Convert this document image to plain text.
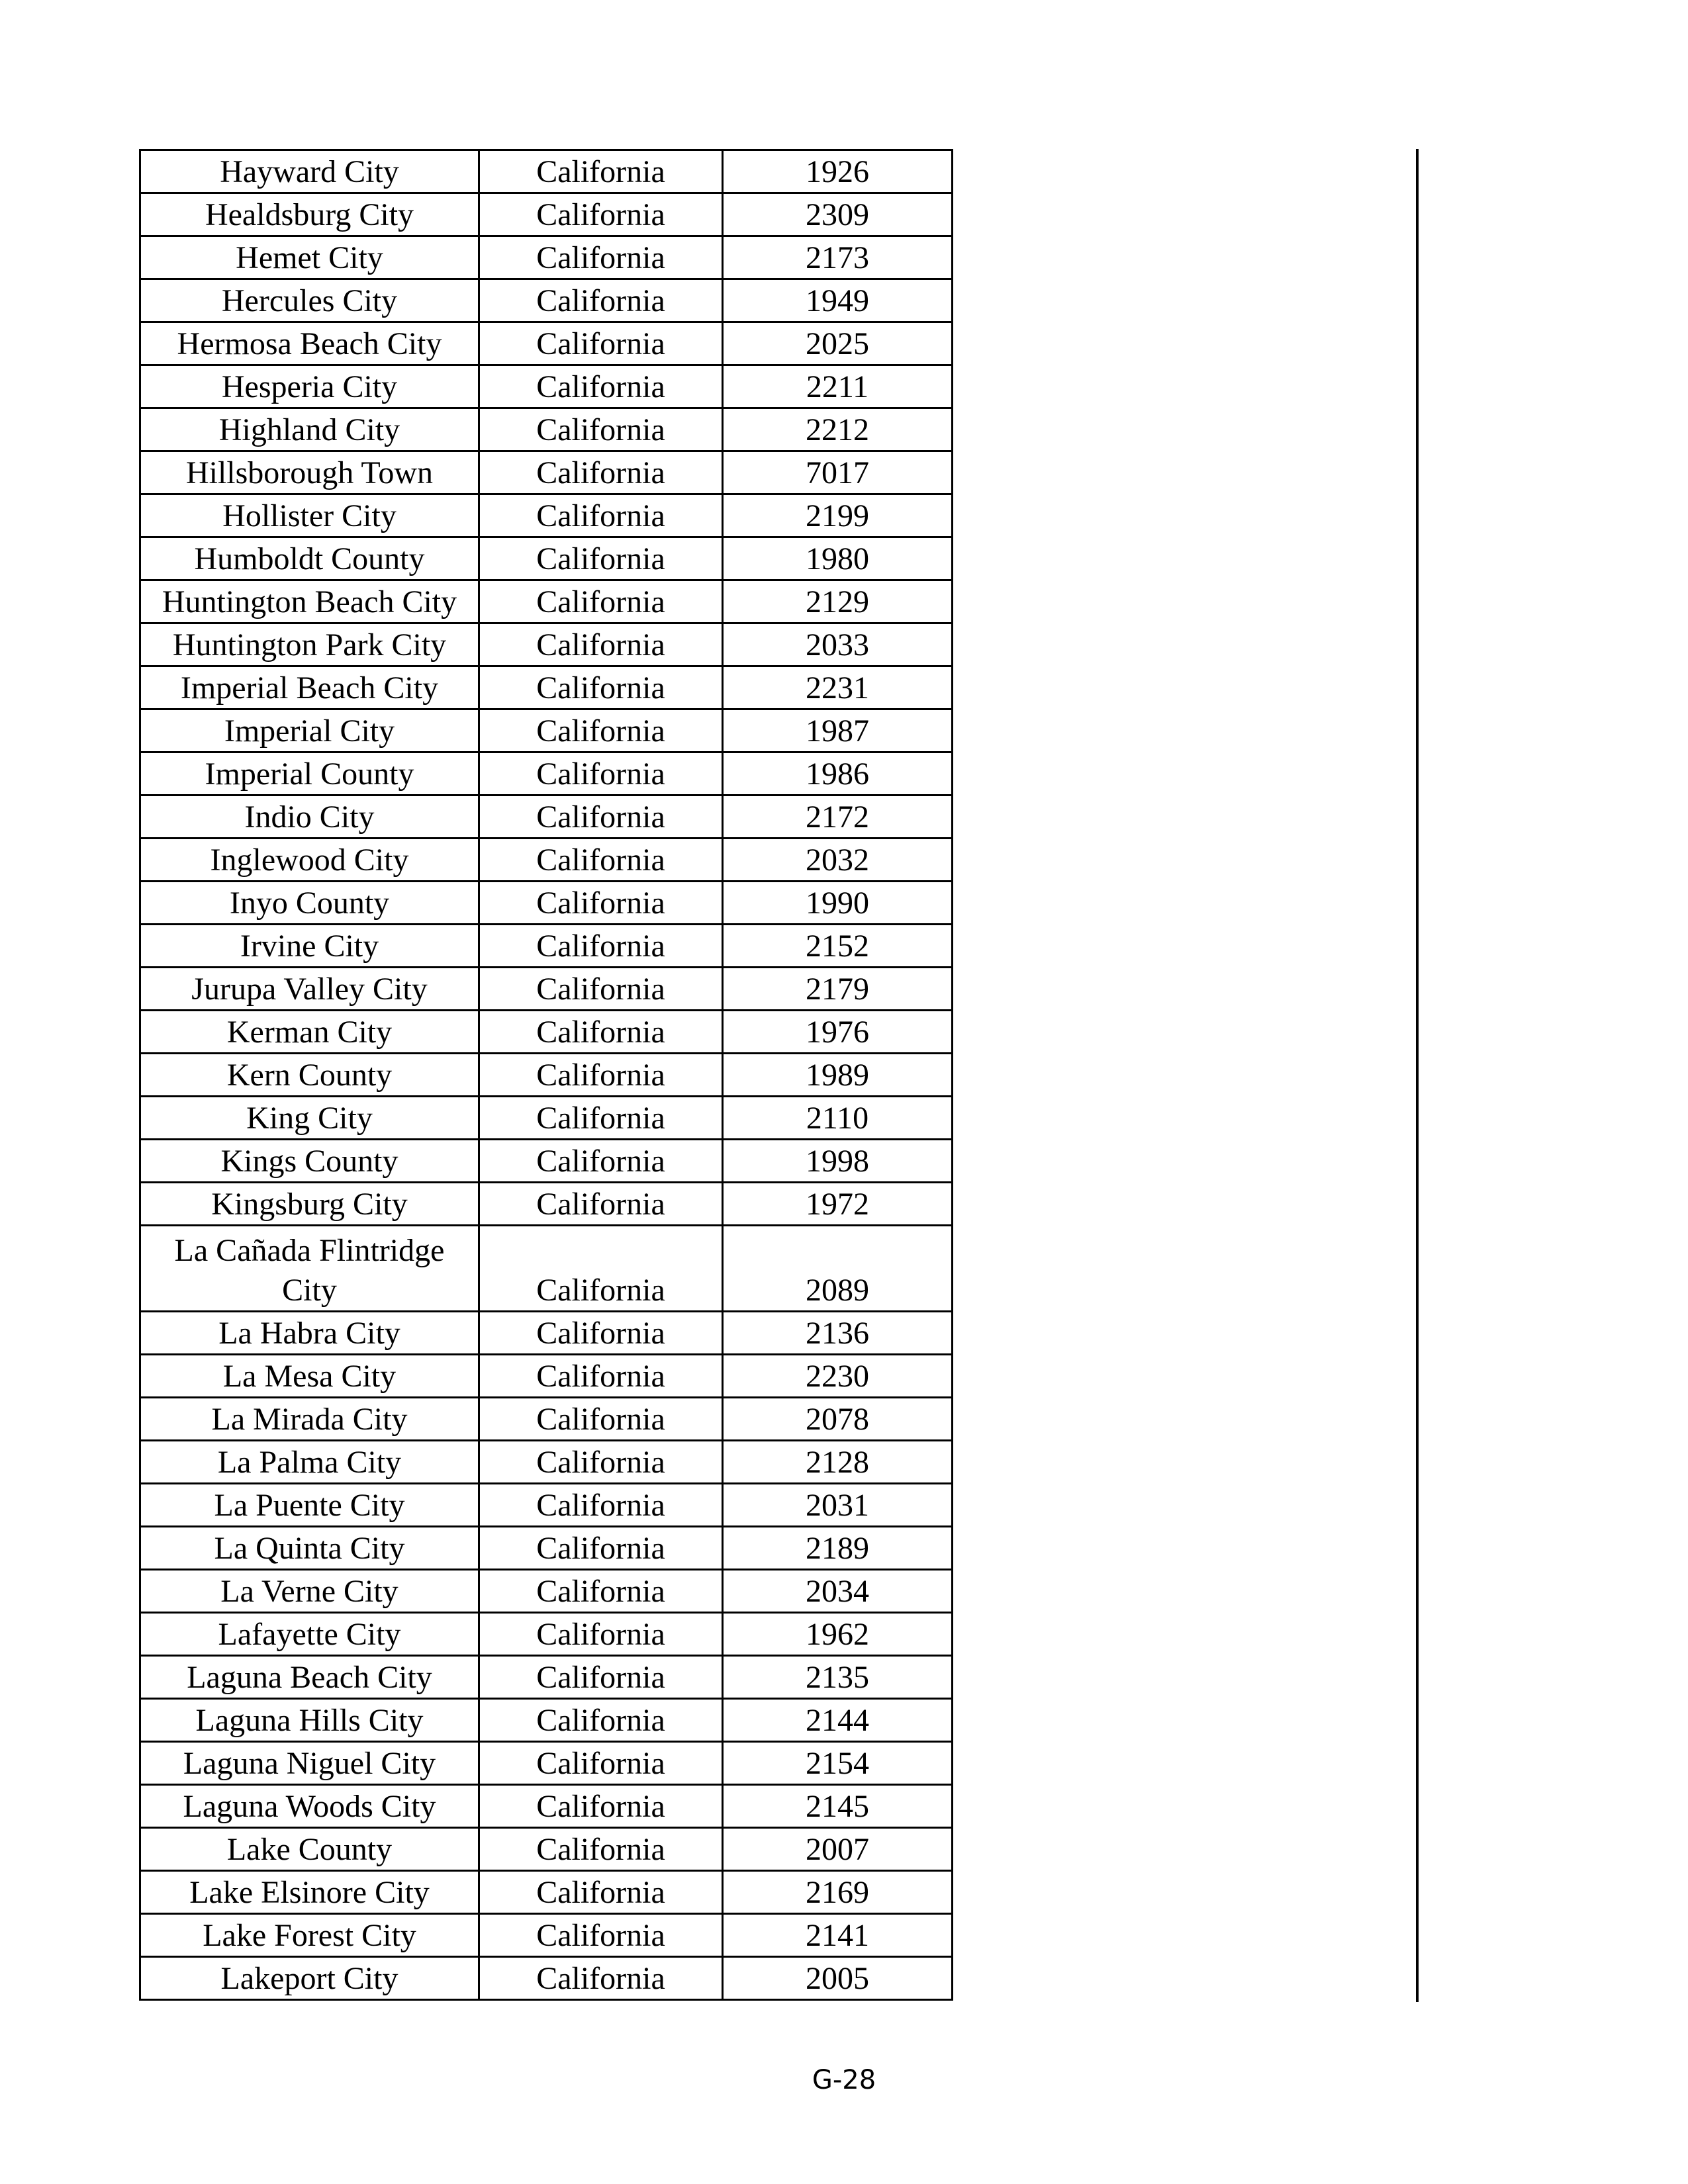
Hayward City	California	1926
Healdsburg City	California	2309
Hemet City	California	2173
Hercules City	California	1949
Hermosa Beach City	California	2025
Hesperia City	California	2211
Highland City	California	2212
Hillsborough Town	California	7017
Hollister City	California	2199
Humboldt County	California	1980
Huntington Beach City	California	2129
Huntington Park City	California	2033
Imperial Beach City	California	2231
Imperial City	California	1987
Imperial County	California	1986
Indio City	California	2172
Inglewood City	California	2032
Inyo County	California	1990
Irvine City	California	2152
Jurupa Valley City	California	2179
Kerman City	California	1976
Kern County	California	1989
King City	California	2110
Kings County	California	1998
Kingsburg City	California	1972
La Cañada Flintridge City	California	2089
La Habra City	California	2136
La Mesa City	California	2230
La Mirada City	California	2078
La Palma City	California	2128
La Puente City	California	2031
La Quinta City	California	2189
La Verne City	California	2034
Lafayette City	California	1962
Laguna Beach City	California	2135
Laguna Hills City	California	2144
Laguna Niguel City	California	2154
Laguna Woods City	California	2145
Lake County	California	2007
Lake Elsinore City	California	2169
Lake Forest City	California	2141
Lakeport City	California	2005
G-28
